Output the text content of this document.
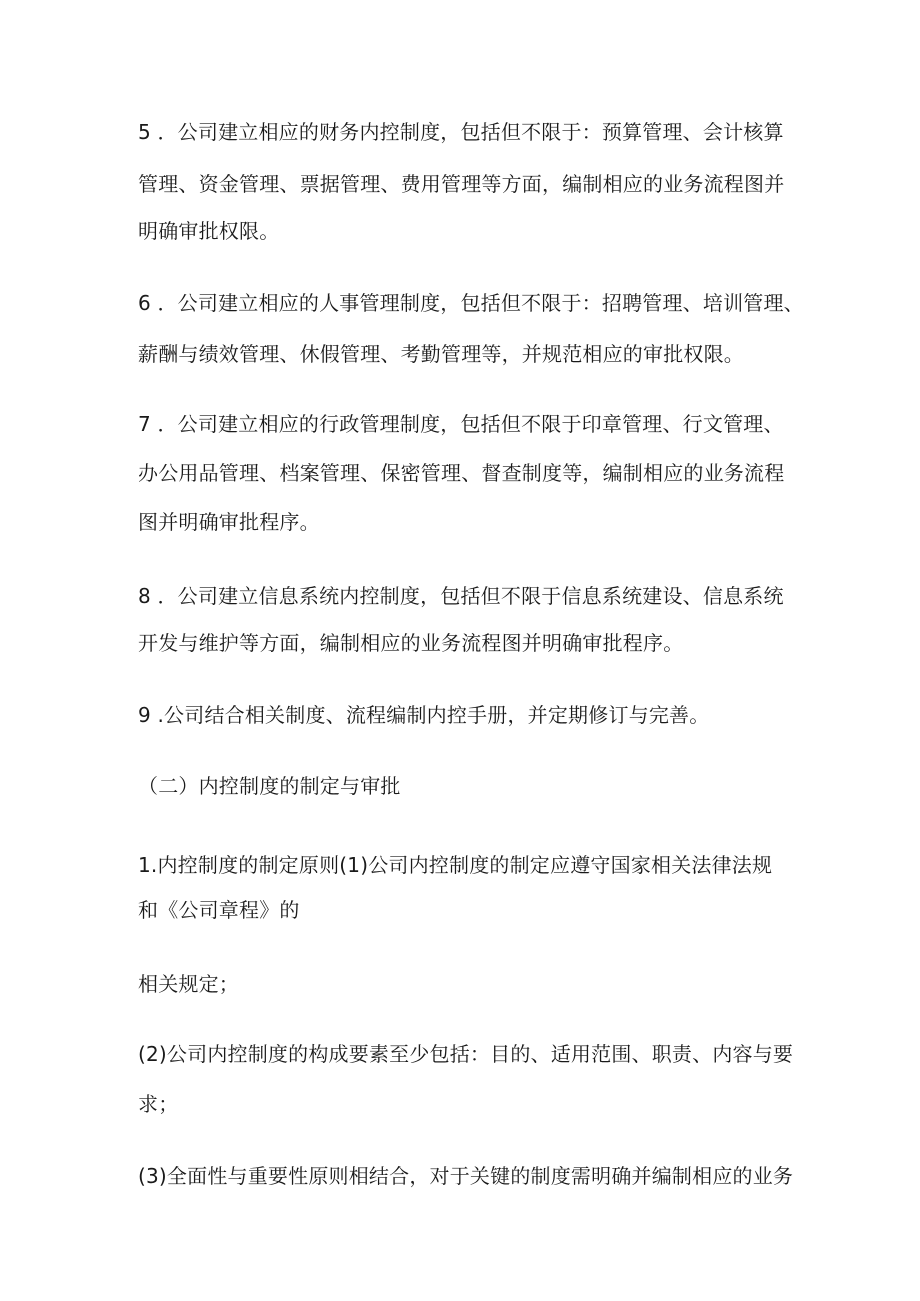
5 ．公司建立相应的财务内控制度，包括但不限于：预算管理、会计核算
管理、资金管理、票据管理、费用管理等方面，编制相应的业务流程图并
明确审批权限。
6 ．公司建立相应的人事管理制度，包括但不限于：招聘管理、培训管理、
薪酬与绩效管理、休假管理、考勤管理等，并规范相应的审批权限。
7 ．公司建立相应的行政管理制度，包括但不限于印章管理、行文管理、
办公用品管理、档案管理、保密管理、督查制度等，编制相应的业务流程
图并明确审批程序。
8 ．公司建立信息系统内控制度，包括但不限于信息系统建设、信息系统
开发与维护等方面，编制相应的业务流程图并明确审批程序。
9 .公司结合相关制度、流程编制内控手册，并定期修订与完善。
（二）内控制度的制定与审批
1.内控制度的制定原则(1)公司内控制度的制定应遵守国家相关法律法规
和《公司章程》的
相关规定；
(2)公司内控制度的构成要素至少包括：目的、适用范围、职责、内容与要
求；
(3)全面性与重要性原则相结合，对于关键的制度需明确并编制相应的业务
